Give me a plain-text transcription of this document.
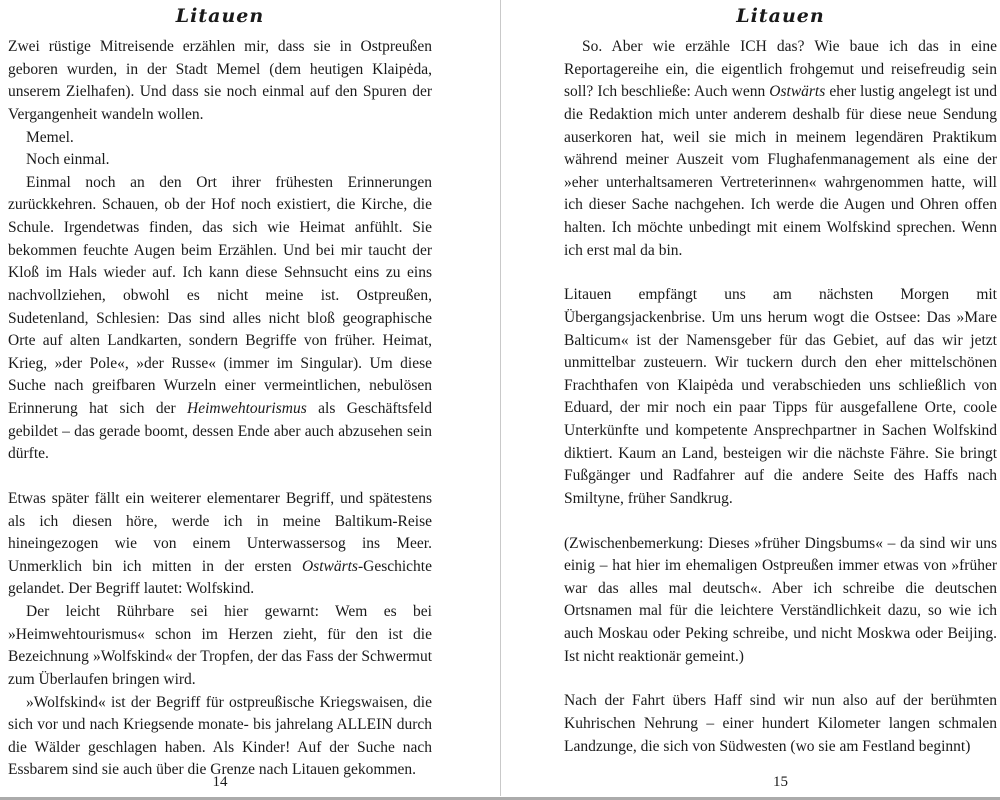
Litauen

Zwei rüstige Mitreisende erzählen mir, dass sie in Ostpreußen geboren wurden, in der Stadt Memel (dem heutigen Klaipėda, unserem Zielhafen). Und dass sie noch einmal auf den Spuren der Vergangenheit wandeln wollen.

Memel.

Noch einmal.

Einmal noch an den Ort ihrer frühesten Erinnerungen zurückkehren. Schauen, ob der Hof noch existiert, die Kirche, die Schule. Irgendetwas finden, das sich wie Heimat anfühlt. Sie bekommen feuchte Augen beim Erzählen. Und bei mir taucht der Kloß im Hals wieder auf. Ich kann diese Sehnsucht eins zu eins nachvollziehen, obwohl es nicht meine ist. Ostpreußen, Sudetenland, Schlesien: Das sind alles nicht bloß geographische Orte auf alten Landkarten, sondern Begriffe von früher. Heimat, Krieg, »der Pole«, »der Russe« (immer im Singular). Um diese Suche nach greifbaren Wurzeln einer vermeintlichen, nebulösen Erinnerung hat sich der Heimwehtourismus als Geschäftsfeld gebildet – das gerade boomt, dessen Ende aber auch abzusehen sein dürfte.

Etwas später fällt ein weiterer elementarer Begriff, und spätestens als ich diesen höre, werde ich in meine Baltikum-Reise hineingezogen wie von einem Unterwassersog ins Meer. Unmerklich bin ich mitten in der ersten Ostwärts-Geschichte gelandet. Der Begriff lautet: Wolfskind.

Der leicht Rührbare sei hier gewarnt: Wem es bei »Heimwehtourismus« schon im Herzen zieht, für den ist die Bezeichnung »Wolfskind« der Tropfen, der das Fass der Schwermut zum Überlaufen bringen wird.

»Wolfskind« ist der Begriff für ostpreußische Kriegswaisen, die sich vor und nach Kriegsende monate- bis jahrelang ALLEIN durch die Wälder geschlagen haben. Als Kinder! Auf der Suche nach Essbarem sind sie auch über die Grenze nach Litauen gekommen.

14
Litauen

So. Aber wie erzähle ICH das? Wie baue ich das in eine Reportagereihe ein, die eigentlich frohgemut und reisefreudig sein soll? Ich beschließe: Auch wenn Ostwärts eher lustig angelegt ist und die Redaktion mich unter anderem deshalb für diese neue Sendung auserkoren hat, weil sie mich in meinem legendären Praktikum während meiner Auszeit vom Flughafenmanagement als eine der »eher unterhaltsameren Vertreterinnen« wahrgenommen hatte, will ich dieser Sache nachgehen. Ich werde die Augen und Ohren offen halten. Ich möchte unbedingt mit einem Wolfskind sprechen. Wenn ich erst mal da bin.

Litauen empfängt uns am nächsten Morgen mit Übergangsjackenbrise. Um uns herum wogt die Ostsee: Das »Mare Balticum« ist der Namensgeber für das Gebiet, auf das wir jetzt unmittelbar zusteuern. Wir tuckern durch den eher mittelschönen Frachthafen von Klaipėda und verabschieden uns schließlich von Eduard, der mir noch ein paar Tipps für ausgefallene Orte, coole Unterkünfte und kompetente Ansprechpartner in Sachen Wolfskind diktiert. Kaum an Land, besteigen wir die nächste Fähre. Sie bringt Fußgänger und Radfahrer auf die andere Seite des Haffs nach Smiltyne, früher Sandkrug.

(Zwischenbemerkung: Dieses »früher Dingsbums« – da sind wir uns einig – hat hier im ehemaligen Ostpreußen immer etwas von »früher war das alles mal deutsch«. Aber ich schreibe die deutschen Ortsnamen mal für die leichtere Verständlichkeit dazu, so wie ich auch Moskau oder Peking schreibe, und nicht Moskwa oder Beijing. Ist nicht reaktionär gemeint.)

Nach der Fahrt übers Haff sind wir nun also auf der berühmten Kuhrischen Nehrung – einer hundert Kilometer langen schmalen Landzunge, die sich von Südwesten (wo sie am Festland beginnt)

15
